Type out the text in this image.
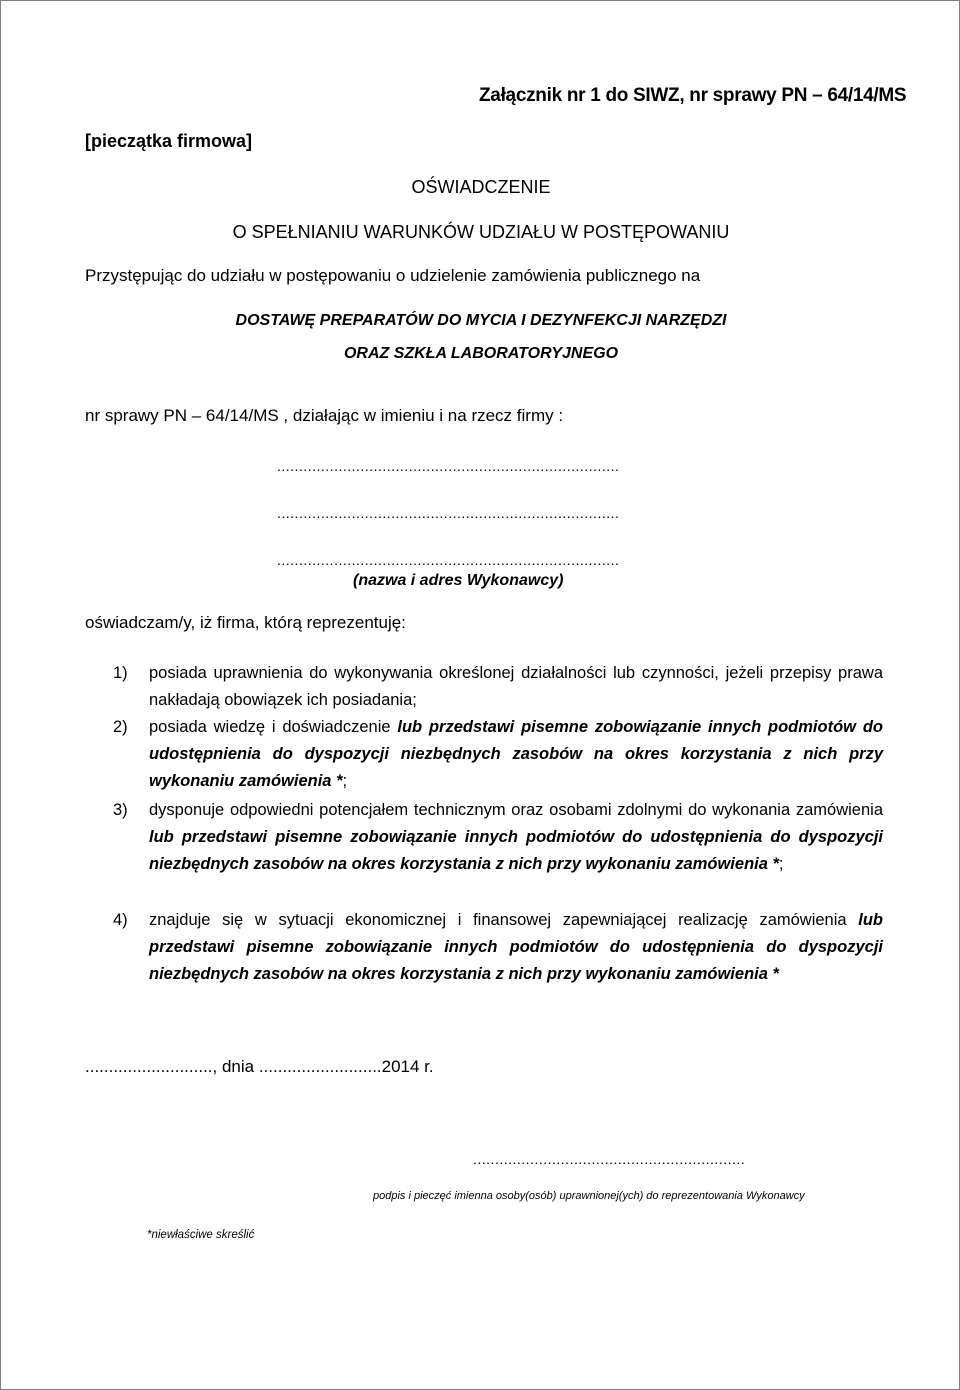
Załącznik nr 1 do SIWZ, nr sprawy PN – 64/14/MS
[pieczątka firmowa]
OŚWIADCZENIE
O SPEŁNIANIU WARUNKÓW UDZIAŁU W POSTĘPOWANIU
Przystępując do udziału w postępowaniu o udzielenie zamówienia publicznego na
DOSTAWĘ PREPARATÓW DO MYCIA I DEZYNFEKCJI NARZĘDZI
ORAZ SZKŁA LABORATORYJNEGO
nr sprawy PN – 64/14/MS , działając w imieniu i na rzecz firmy :
..............................................................................
..............................................................................
..............................................................................
(nazwa i adres Wykonawcy)
oświadczam/y, iż firma, którą reprezentuję:
1) posiada uprawnienia do wykonywania określonej działalności lub czynności, jeżeli przepisy prawa nakładają obowiązek ich posiadania;
2) posiada wiedzę i doświadczenie lub przedstawi pisemne zobowiązanie innych podmiotów do udostępnienia do dyspozycji niezbędnych zasobów na okres korzystania z nich przy wykonaniu zamówienia *;
3) dysponuje odpowiedni potencjałem technicznym oraz osobami zdolnymi do wykonania zamówienia lub przedstawi pisemne zobowiązanie innych podmiotów do udostępnienia do dyspozycji niezbędnych zasobów na okres korzystania z nich przy wykonaniu zamówienia *;
4) znajduje się w sytuacji ekonomicznej i finansowej zapewniającej realizację zamówienia lub przedstawi pisemne zobowiązanie innych podmiotów do udostępnienia do dyspozycji niezbędnych zasobów na okres korzystania z nich przy wykonaniu zamówienia *
..........................., dnia ..........................2014 r.
..............................................................
podpis i pieczęć imienna osoby(osób) uprawnionej(ych) do reprezentowania Wykonawcy
*niewłaściwe skreślić
